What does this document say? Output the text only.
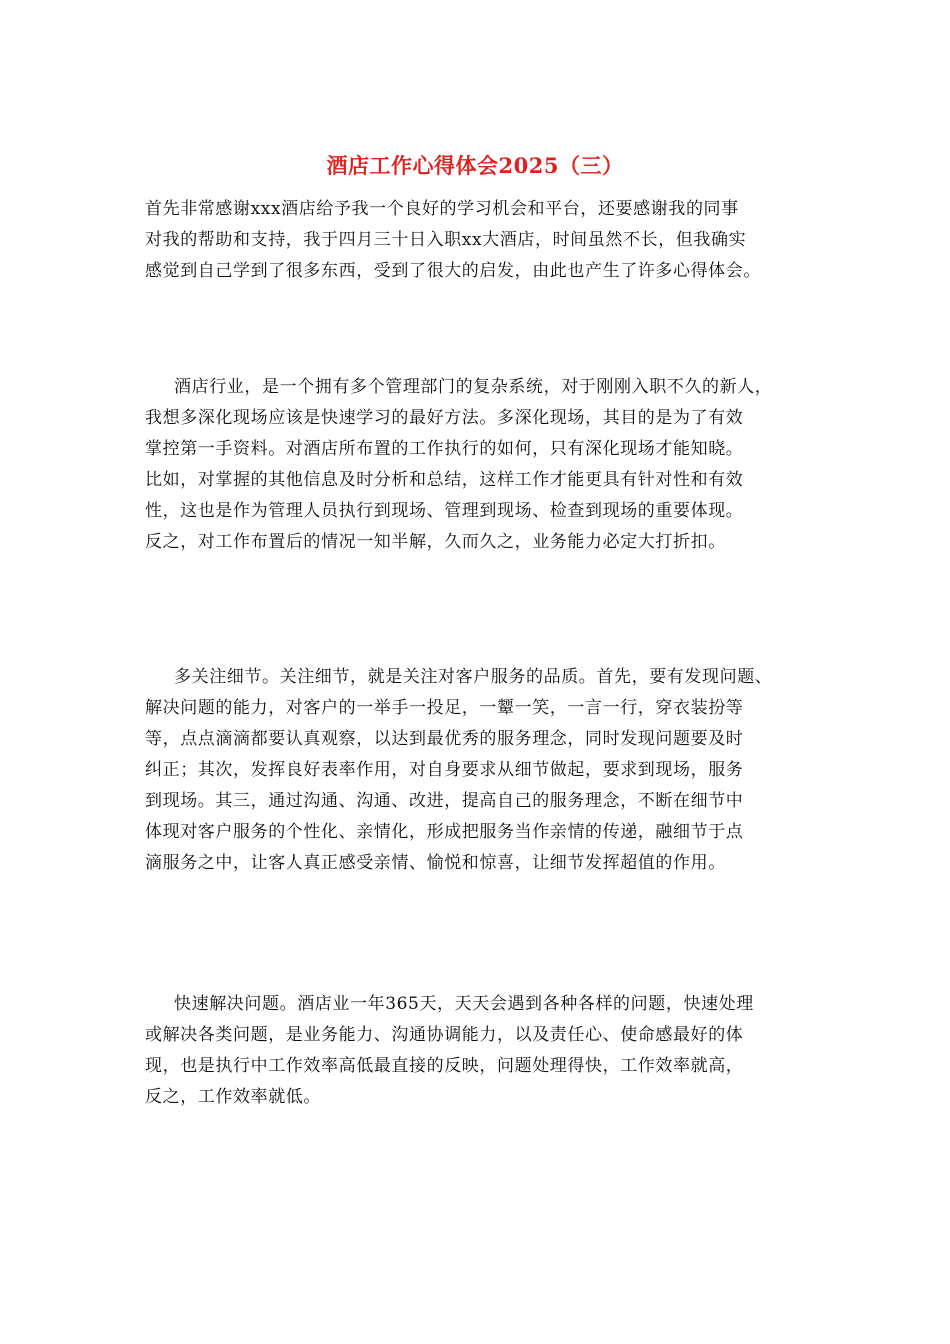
酒店工作心得体会2025（三）
首先非常感谢xxx酒店给予我一个良好的学习机会和平台，还要感谢我的同事
对我的帮助和支持，我于四月三十日入职xx大酒店，时间虽然不长，但我确实
感觉到自己学到了很多东西，受到了很大的启发，由此也产生了许多心得体会。
酒店行业，是一个拥有多个管理部门的复杂系统，对于刚刚入职不久的新人，
我想多深化现场应该是快速学习的最好方法。多深化现场，其目的是为了有效
掌控第一手资料。对酒店所布置的工作执行的如何，只有深化现场才能知晓。
比如，对掌握的其他信息及时分析和总结，这样工作才能更具有针对性和有效
性，这也是作为管理人员执行到现场、管理到现场、检查到现场的重要体现。
反之，对工作布置后的情况一知半解，久而久之，业务能力必定大打折扣。
多关注细节。关注细节，就是关注对客户服务的品质。首先，要有发现问题、
解决问题的能力，对客户的一举手一投足，一颦一笑，一言一行，穿衣装扮等
等，点点滴滴都要认真观察，以达到最优秀的服务理念，同时发现问题要及时
纠正；其次，发挥良好表率作用，对自身要求从细节做起，要求到现场，服务
到现场。其三，通过沟通、沟通、改进，提高自己的服务理念，不断在细节中
体现对客户服务的个性化、亲情化，形成把服务当作亲情的传递，融细节于点
滴服务之中，让客人真正感受亲情、愉悦和惊喜，让细节发挥超值的作用。
快速解决问题。酒店业一年365天，天天会遇到各种各样的问题，快速处理
或解决各类问题，是业务能力、沟通协调能力，以及责任心、使命感最好的体
现，也是执行中工作效率高低最直接的反映，问题处理得快，工作效率就高，
反之，工作效率就低。
